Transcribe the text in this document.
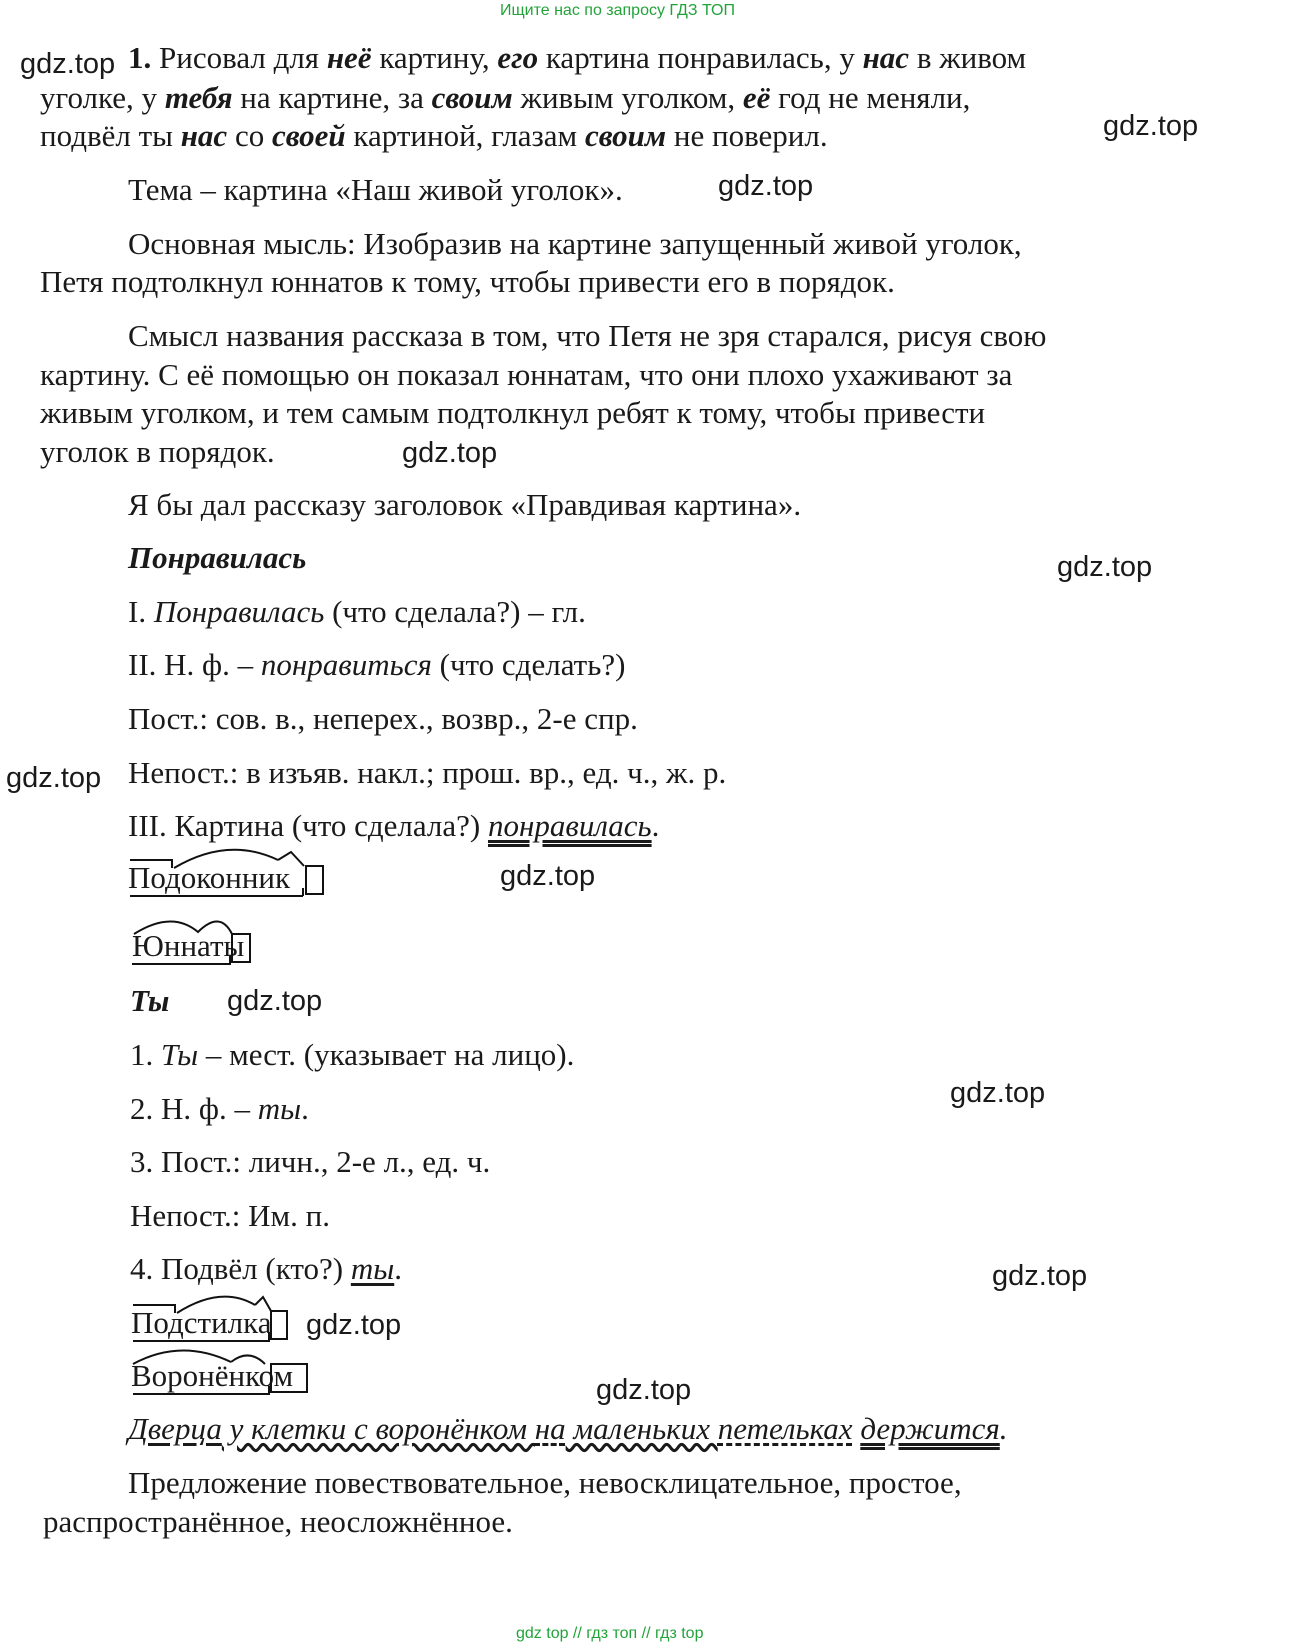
Ищите нас по запросу ГДЗ ТОП
gdz top // гдз топ // гдз top
gdz.top
gdz.top
gdz.top
gdz.top
gdz.top
gdz.top
gdz.top
gdz.top
gdz.top
gdz.top
gdz.top
gdz.top
1. Рисовал для неё картину, его картина понравилась, у нас в живом
уголке, у тебя на картине, за своим живым уголком, её год не меняли,
подвёл ты нас со своей картиной, глазам своим не поверил.
Тема – картина «Наш живой уголок».
Основная мысль: Изобразив на картине запущенный живой уголок,
Петя подтолкнул юннатов к тому, чтобы привести его в порядок.
Смысл названия рассказа в том, что Петя не зря старался, рисуя свою
картину. С её помощью он показал юннатам, что они плохо ухаживают за
живым уголком, и тем самым подтолкнул ребят к тому, чтобы привести
уголок в порядок.
Я бы дал рассказу заголовок «Правдивая картина».
Понравилась
I. Понравилась (что сделала?) – гл.
II. Н. ф. – понравиться (что сделать?)
Пост.: сов. в., неперех., возвр., 2-е спр.
Непост.: в изъяв. накл.; прош. вр., ед. ч., ж. р.
III. Картина (что сделала?) понравилась.
Подоконник
Юннаты
Ты
1. Ты – мест. (указывает на лицо).
2. Н. ф. – ты.
3. Пост.: личн., 2-е л., ед. ч.
Непост.: Им. п.
4. Подвёл (кто?) ты.
Подстилка
Воронёнком
Дверца у клетки с воронёнком на маленьких петельках держится.
Предложение повествовательное, невосклицательное, простое,
распространённое, неосложнённое.
